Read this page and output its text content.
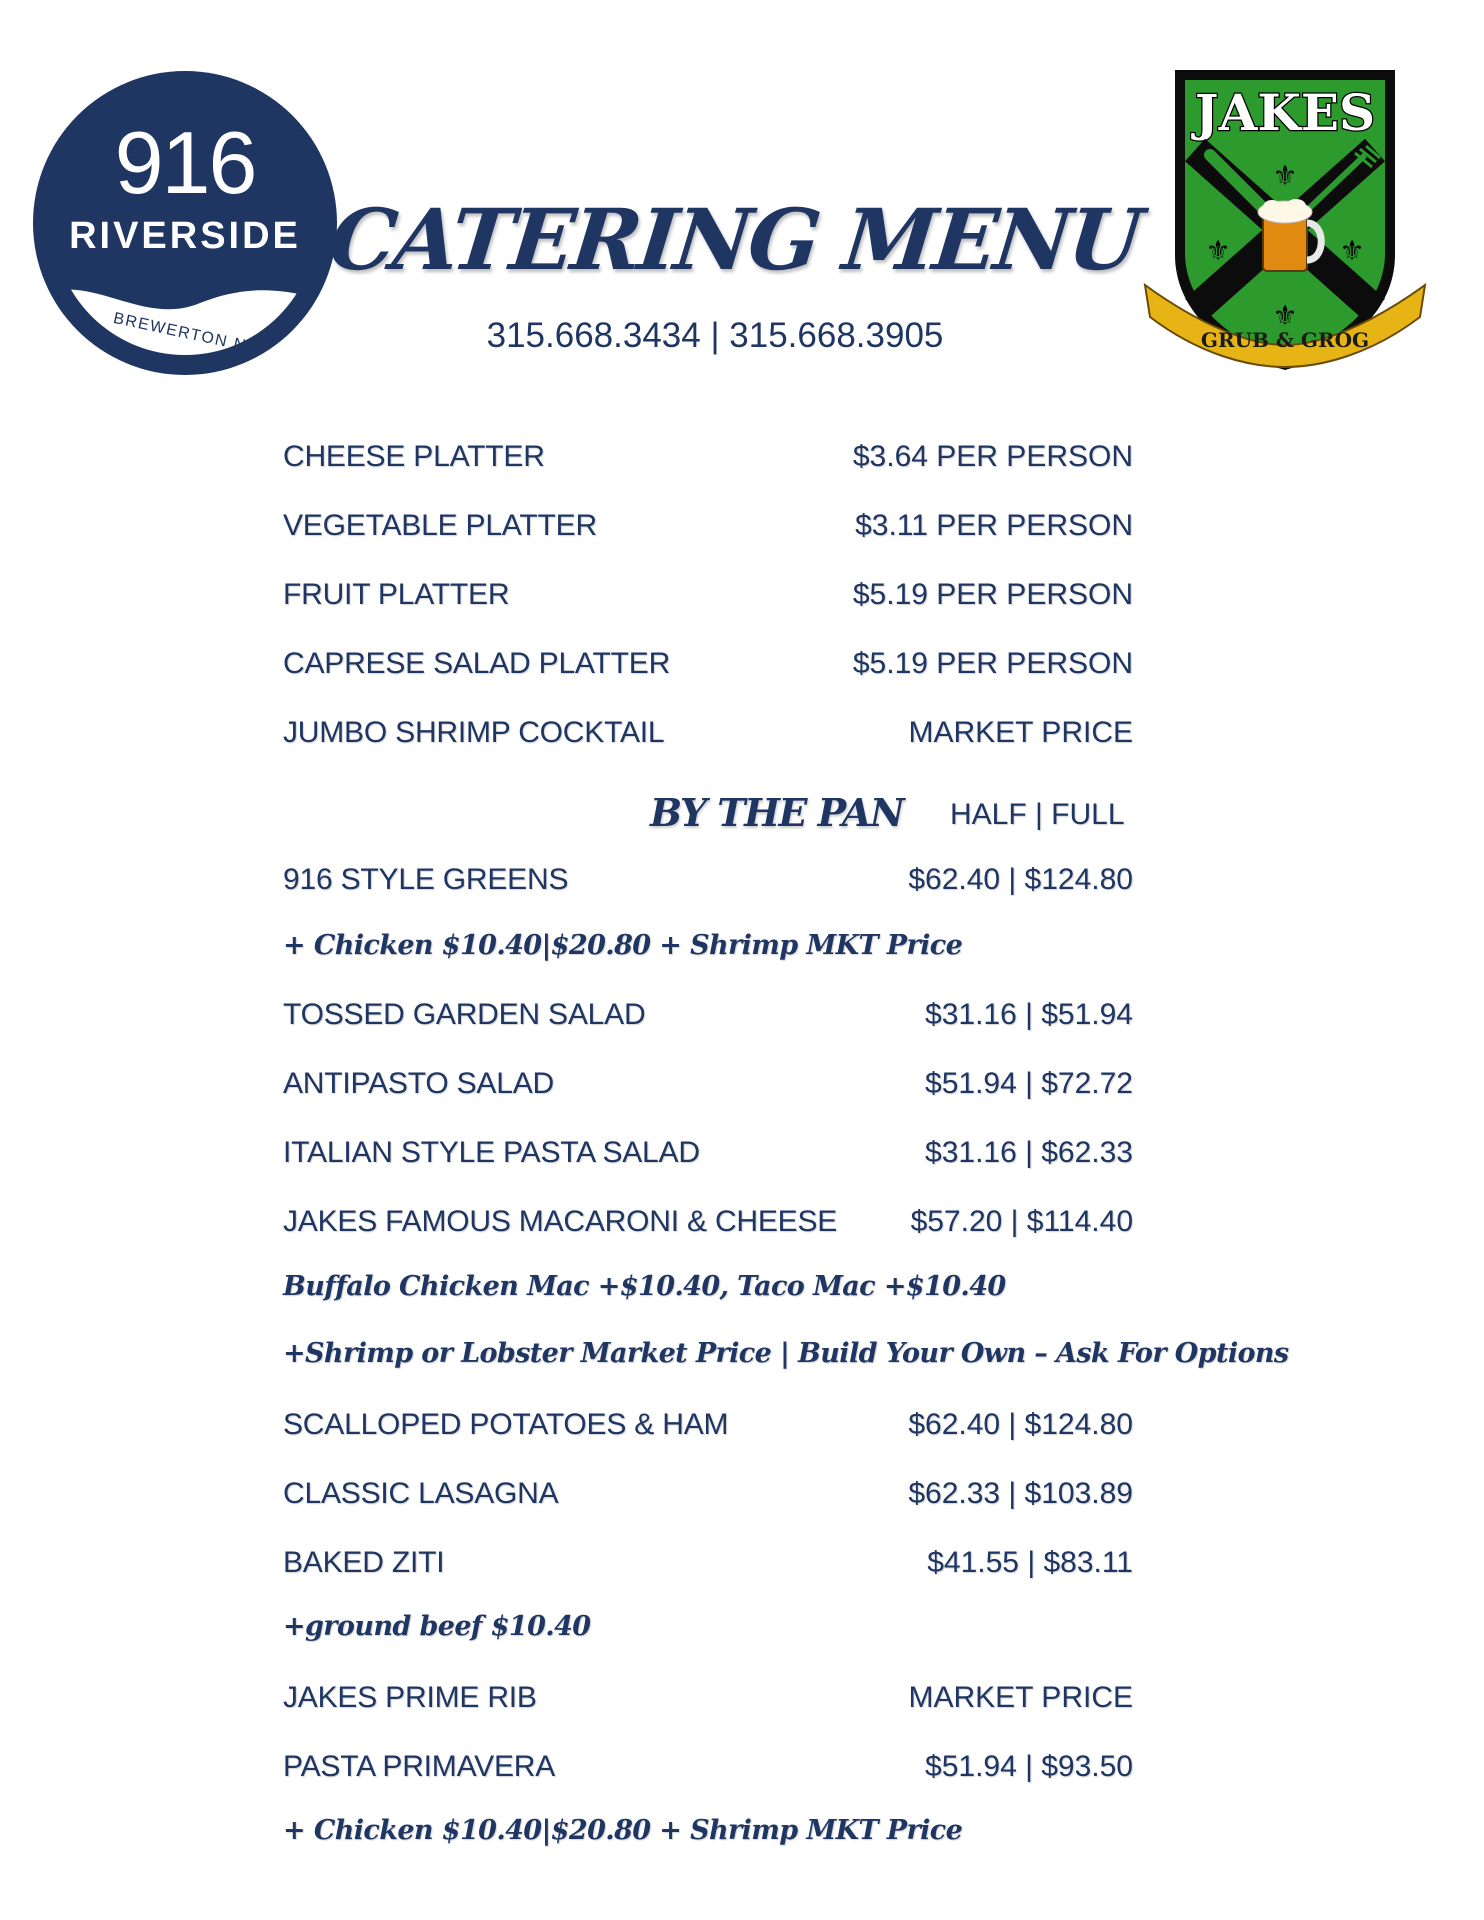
916
RIVERSIDE
BREWERTON NY
JAKES
⚜
⚜	⚜
⚜
GRUB & GROG
CATERING MENU
315.668.3434 | 315.668.3905
CHEESE PLATTER	$3.64 PER PERSON
VEGETABLE PLATTER	$3.11 PER PERSON
FRUIT PLATTER	$5.19 PER PERSON
CAPRESE SALAD PLATTER	$5.19 PER PERSON
JUMBO SHRIMP COCKTAIL	MARKET PRICE
BY THE PAN HALF | FULL
916 STYLE GREENS	$62.40 | $124.80
+ Chicken $10.40|$20.80 + Shrimp MKT Price
TOSSED GARDEN SALAD	$31.16 | $51.94
ANTIPASTO SALAD	$51.94 | $72.72
ITALIAN STYLE PASTA SALAD	$31.16 | $62.33
JAKES FAMOUS MACARONI & CHEESE $57.20 | $114.40
Buffalo Chicken Mac +$10.40, Taco Mac +$10.40
+Shrimp or Lobster Market Price | Build Your Own – Ask For Options
SCALLOPED POTATOES & HAM	$62.40 | $124.80
CLASSIC LASAGNA	$62.33 | $103.89
BAKED ZITI	$41.55 | $83.11
+ground beef $10.40
JAKES PRIME RIB	MARKET PRICE
PASTA PRIMAVERA	$51.94 | $93.50
+ Chicken $10.40|$20.80 + Shrimp MKT Price
